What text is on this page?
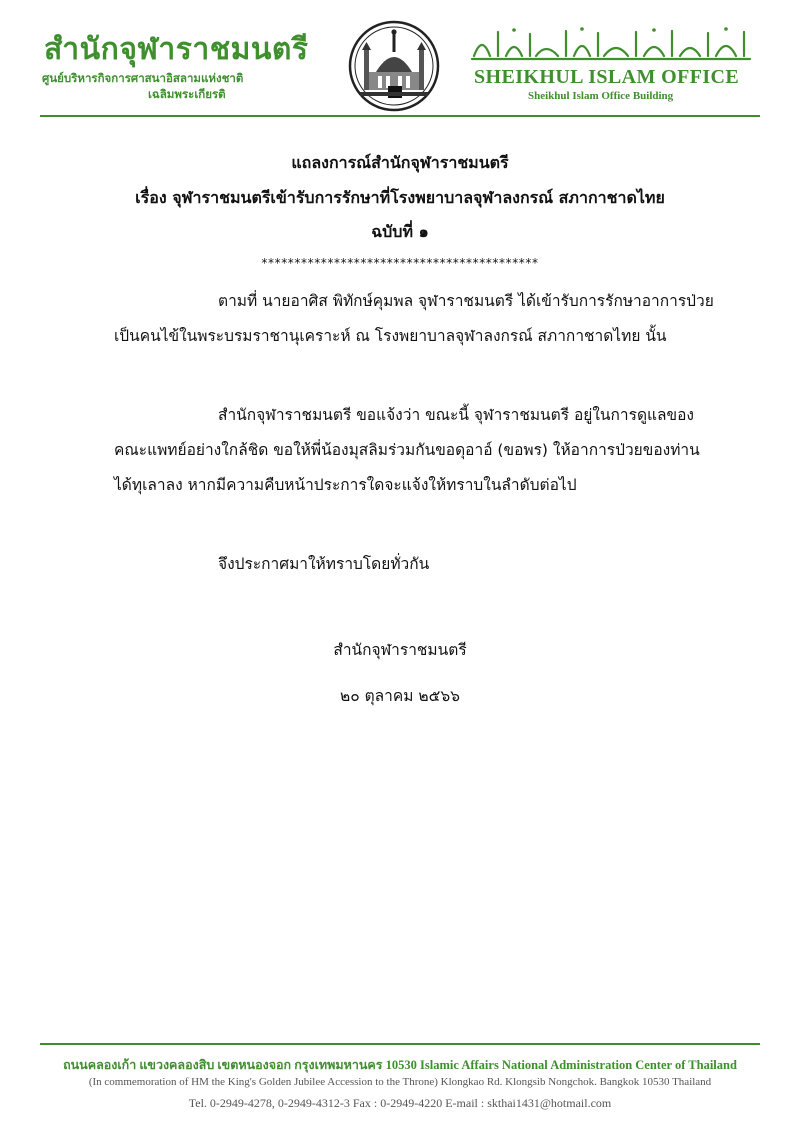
สำนักจุฬาราชมนตรี
ศูนย์บริหารกิจการศาสนาอิสลามแห่งชาติ
เฉลิมพระเกียรติ
SHEIKHUL ISLAM OFFICE
Sheikhul Islam Office Building
แถลงการณ์สำนักจุฬาราชมนตรี
เรื่อง จุฬาราชมนตรีเข้ารับการรักษาที่โรงพยาบาลจุฬาลงกรณ์ สภากาชาดไทย
ฉบับที่ ๑
******************************************
ตามที่ นายอาศิส พิทักษ์คุมพล จุฬาราชมนตรี ได้เข้ารับการรักษาอาการป่วยเป็นคนไข้ในพระบรมราชานุเคราะห์ ณ โรงพยาบาลจุฬาลงกรณ์ สภากาชาดไทย นั้น
สำนักจุฬาราชมนตรี ขอแจ้งว่า ขณะนี้ จุฬาราชมนตรี อยู่ในการดูแลของคณะแพทย์อย่างใกล้ชิด ขอให้พี่น้องมุสลิมร่วมกันขอดุอาอ์ (ขอพร) ให้อาการป่วยของท่านได้ทุเลาลง หากมีความคืบหน้าประการใดจะแจ้งให้ทราบในลำดับต่อไป
จึงประกาศมาให้ทราบโดยทั่วกัน
สำนักจุฬาราชมนตรี
๒๐ ตุลาคม ๒๕๖๖
ถนนคลองเก้า แขวงคลองสิบ เขตหนองจอก กรุงเทพมหานคร 10530 Islamic Affairs National Administration Center of Thailand
(In commemoration of HM the King's Golden Jubilee Accession to the Throne) Klongkao Rd. Klongsib Nongchok. Bangkok 10530 Thailand
Tel. 0-2949-4278, 0-2949-4312-3 Fax : 0-2949-4220 E-mail : skthai1431@hotmail.com
